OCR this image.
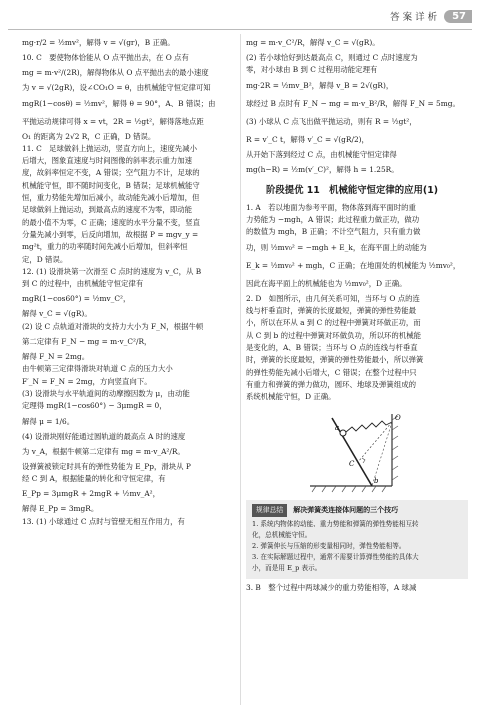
答案详析	57
mg·r/2 = ½mv²，解得 v = √(gr)，B 正确。
10. C　要使物体恰能从 O 点平抛出去，在 O 点有
mg = m·v²/(2R)，解得物体从 O 点平抛出去的最小速度
为 v = √(2gR)，设∠CO₁O = θ，由机械能守恒定律可知
mgR(1−cosθ) = ½mv²，解得 θ = 90°，A、B 错误；由
平抛运动规律可得 x = vt，2R = ½gt²，解得落地点距
O₁ 的距离为 2√2 R，C 正确，D 错误。
11. C　足球做斜上抛运动，竖直方向上，速度先减小
后增大，图象直速度与时间图像的斜率表示重力加速
度，故斜率恒定不变，A 错误；空气阻力不计，足球的
机械能守恒，即不随时间变化，B 错误；足球机械能守
恒，重力势能先增加后减小，故动能先减小后增加，但
足球做斜上抛运动，到最高点的速度不为零，即动能
的最小值不为零，C 正确；速度的水平分量不变，竖直
分量先减小到零，后反向增加，故根据 P = mgv_y =
mg²t，重力的功率随时间先减小后增加，但斜率恒
定，D 错误。
12. (1) 设滑块第一次滑至 C 点时的速度为 v_C，从 B
到 C 的过程中，由机械能守恒定律有
mgR(1−cos60°) = ½mv_C²，
解得 v_C = √(gR)。
(2) 设 C 点轨道对滑块的支持力大小为 F_N，根据牛顿
第二定律有 F_N − mg = m·v_C²/R，
解得 F_N = 2mg。
由牛顿第三定律得滑块对轨道 C 点的压力大小
F′_N = F_N = 2mg，方向竖直向下。
(3) 设滑块与水平轨道间的动摩擦因数为 μ，由动能
定理得 mgR(1−cos60°) − 3μmgR = 0，
解得 μ = 1/6。
(4) 设滑块刚好能通过圆轨道的最高点 A 时的速度
为 v_A，根据牛顿第二定律有 mg = m·v_A²/R。
设弹簧被锁定时具有的弹性势能为 E_Pp，滑块从 P
经 C 到 A，根据能量的转化和守恒定律，有
E_Pp = 3μmgR + 2mgR + ½mv_A²，
解得 E_Pp = 3mgR。
13. (1) 小球通过 C 点时与管壁无相互作用力，有
mg = m·v_C²/R，解得 v_C = √(gR)。
(2) 若小球恰好到达最高点 C，则通过 C 点时速度为
零，对小球由 B 到 C 过程用动能定理有
mg·2R = ½mv_B²，解得 v_B = 2√(gR)，
球经过 B 点时有 F_N − mg = m·v_B²/R，解得 F_N = 5mg。
(3) 小球从 C 点飞出做平抛运动，则有 R = ½gt²，
R = v′_C t，解得 v′_C = √(gR/2)，
从开始下落到经过 C 点，由机械能守恒定律得
mg(h−R) = ½m(v′_C)²，解得 h = 1.25R。
阶段提优 11　机械能守恒定律的应用(1)
1. A　若以地面为参考平面，物体落到海平面时的重
力势能为 −mgh，A 错误；此过程重力做正功，做功
的数值为 mgh，B 正确；不计空气阻力，只有重力做
功，则 ½mv₀² = −mgh + E_k，在海平面上的动能为
E_k = ½mv₀² + mgh，C 正确；在地面处的机械能为 ½mv₀²，
因此在海平面上的机械能也为 ½mv₀²，D 正确。
2. D　如图所示，由几何关系可知，当环与 O 点的连
线与杆垂直时，弹簧的长度最短，弹簧的弹性势能最
小，所以在环从 a 到 C 的过程中弹簧对环做正功，而
从 C 到 b 的过程中弹簧对环做负功，所以环的机械能
是变化的，A、B 错误；当环与 O 点的连线与杆垂直
时，弹簧的长度最短，弹簧的弹性势能最小，所以弹簧
的弹性势能先减小后增大，C 错误；在整个过程中只
有重力和弹簧的弹力做功，圆环、地球及弹簧组成的
系统机械能守恒，D 正确。
a
O
C
b
规律总结	解决弹簧类连接体问题的三个技巧
1. 系统内物体的动能、重力势能和弹簧的弹性势能相互转
化，总机械能守恒。
2. 弹簧伸长与压缩的形变量相同时，弹性势能相等。
3. 在实际解题过程中，通常不需要计算弹性势能的具体大
小，而是用 E_p 表示。
3. B　整个过程中两球减少的重力势能相等，A 球减
